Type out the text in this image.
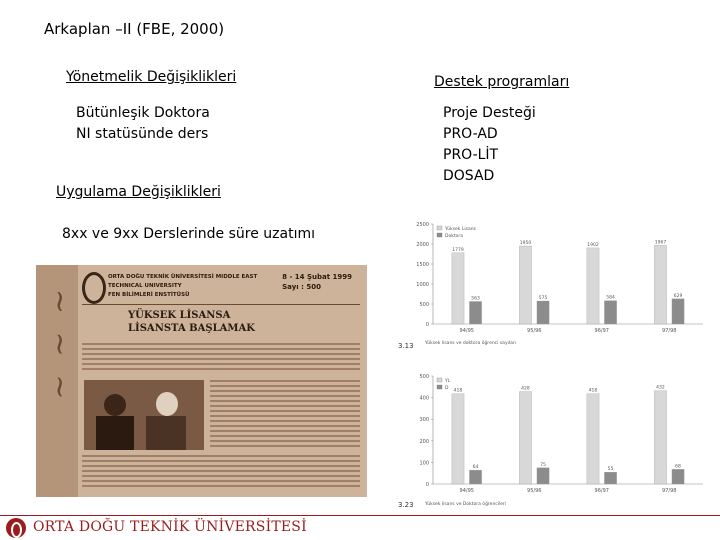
Arkaplan –II (FBE, 2000)
Yönetmelik Değişiklikleri
Bütünleşik Doktora
NI statüsünde ders
Destek programları
Proje Desteği
PRO-AD
PRO-LİT
DOSAD
Uygulama Değişiklikleri
8xx ve 9xx Derslerinde süre uzatımı
~ ~ ~
ORTA DOĞU TEKNİK ÜNİVERSİTESİ MIDDLE EAST TECHNICAL UNIVERSITY
FEN BİLİMLERİ ENSTİTÜSÜ
8 - 14 Şubat 1999
Sayı : 500
YÜKSEK LİSANSA
LİSANSTA BAŞLAMAK	0
500
1000
1500
2000
2500
Yüksek Lisans
Doktora
1779
563
94/95
1950
575
95/96
1902
584
96/97
1967
629
97/98
3.13	Yüksek lisans ve doktora öğrenci sayıları
0
100
200
300
400
500
YL
D
418
64
94/95
428
75
95/96
418
55
96/97
432
68
97/98
3.23	Yüksek lisans ve Doktora öğrencileri
ORTA DOĞU TEKNİK ÜNİVERSİTESİ
